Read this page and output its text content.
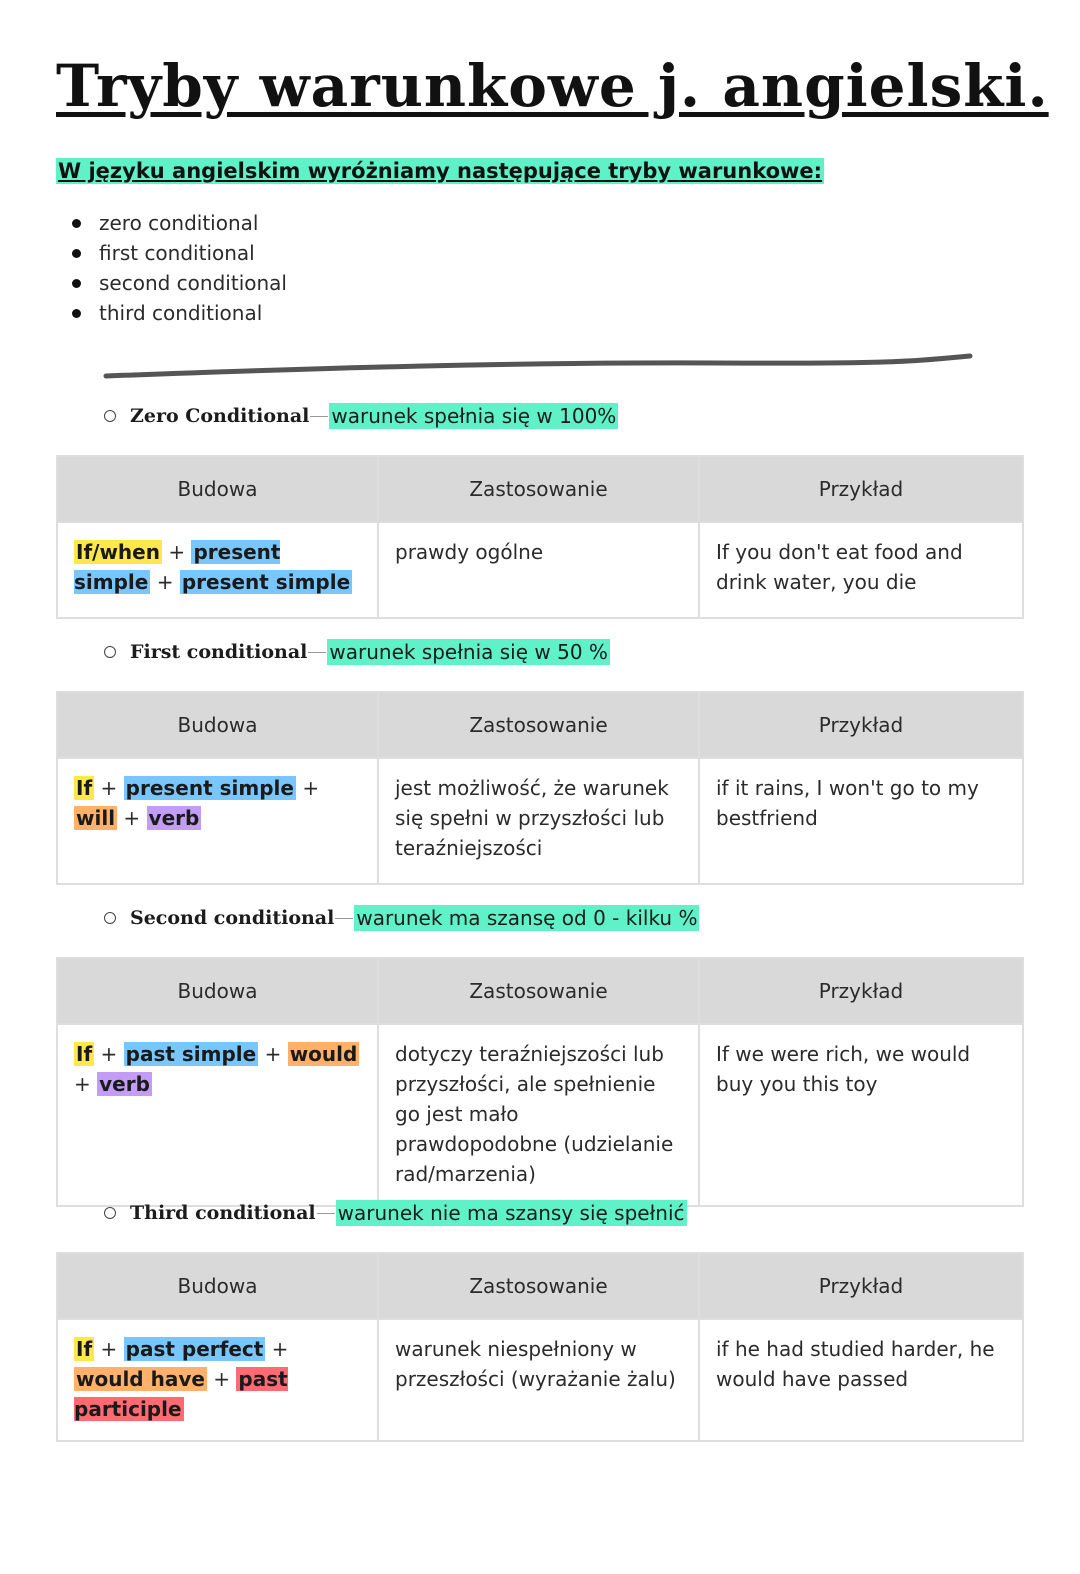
Tryby warunkowe j. angielski.
W języku angielskim wyróżniamy następujące tryby warunkowe:
zero conditional
first conditional
second conditional
third conditional
Zero Conditional warunek spełnia się w 100%
Budowa	Zastosowanie	Przykład
If/when + present simple + present simple	prawdy ogólne	If you don't eat food and drink water, you die
First conditional warunek spełnia się w 50 %
Budowa	Zastosowanie	Przykład
If + present simple + will + verb	jest możliwość, że warunek się spełni w przyszłości lub teraźniejszości	if it rains, I won't go to my bestfriend
Second conditional warunek ma szansę od 0 - kilku %
Budowa	Zastosowanie	Przykład
If + past simple + would + verb	dotyczy teraźniejszości lub przyszłości, ale spełnienie go jest mało prawdopodobne (udzielanie rad/marzenia)	If we were rich, we would buy you this toy
Third conditional warunek nie ma szansy się spełnić
Budowa	Zastosowanie	Przykład
If + past perfect + would have + past participle	warunek niespełniony w przeszłości (wyrażanie żalu)	if he had studied harder, he would have passed
